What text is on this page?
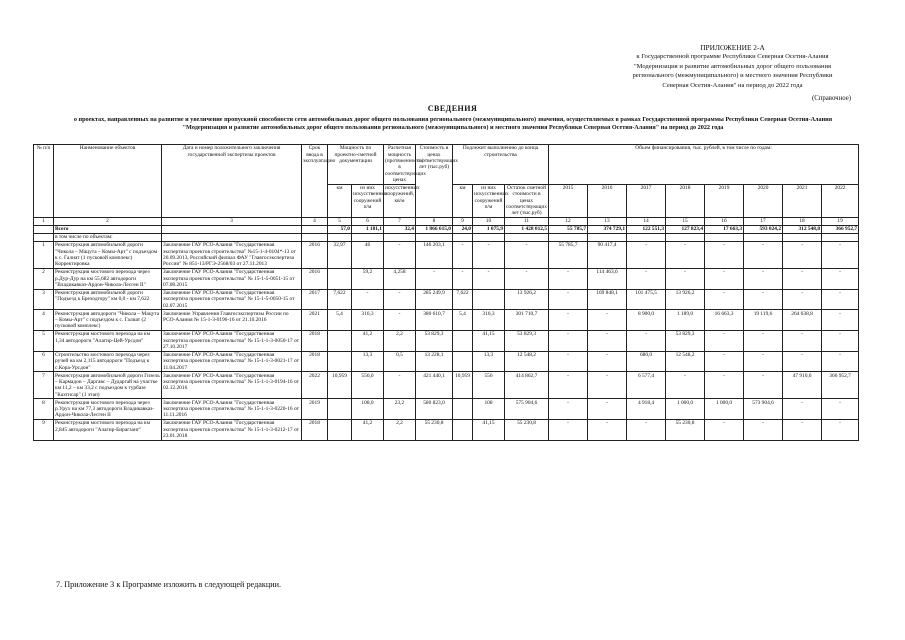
ПРИЛОЖЕНИЕ 2-А
к Государственной программе Республики Северная Осетия-Алания
"Модернизация и развитие автомобильных дорог общего пользования
регионального (межмуниципального) и местного значения Республики
Северная Осетия-Алания" на период до 2022 года
(Справочное)
СВЕДЕНИЯ
о проектах, направленных на развитие и увеличение пропускной способности сети автомобильных дорог общего пользования регионального (межмуниципального) значения, осуществляемых в рамках Государственной программы Республики Северная Осетия-Алания "Модернизация и развитие автомобильных дорог общего пользования регионального (межмуниципального) и местного значения Республики Северная Осетия-Алания" на период до 2022 года
№ п/п	Наименование объектов	Дата и номер положительного заключения государственной экспертизы проектов	Срок ввода в эксплуатацию	Мощность по проектно-сметной документации		Расчетная мощность (протяженность) в соответствующих ценах	Стоимость в ценах соответствующих лет (тыс.руб)	Подлежит выполнению до конца строительства			Объем финансирования, тыс. рублей, в том числе по годам:							
				км	из них искусственных сооружений п/м	искусственных сооружений, кв/м		км	из них искусственных сооружений п/м	Остаток сметной стоимости в ценах соответствующих лет (тыс.руб)	2015	2016	2017	2018	2019	2020	2021	2022
1	2	3	4	5	6	7	8	9	10	11	12	13	14	15	16	17	18	19
	Всего			57,0	1 181,1	32,4	1 866 615,0	24,0	1 075,9	1 428 012,5	55 785,7	374 729,1	122 551,3	127 823,4	17 663,3	593 024,2	312 548,8	366 952,7
	в том числе по объектам:																	
1	Реконструкция автомобильной дороги "Чикола – Мацута – Комы-Арт" с подъездом к с. Галиат (1 пусковой комплекс) Корректировка	Заключение ГАУ РСО-Алания "Государственная экспертиза проектов строительства" №15-1-4-0104*-13 от 20.09.2013, Российский филиал ФАУ "Главгосэкспертиза России" № 851-13/РГЭ-2568/03 от 27.11.2013	2016	32,97	46	-	146 203,1	-	-	-	55 785,7	90 417,4	-	-	-	-	-	-
2	Реконструкция мостового перехода через р.Дур-Дур на км 55,682 автодороги "Владикавказ-Ардон-Чикола-Лесген II"	Заключение ГАУ РСО-Алания "Государственная экспертиза проектов строительства" № 15-1-5-0051-15 от 07.08.2015	2016		59,2	4,258	-	-	-	-	-	114 463,6	-	-	-	-	-	-
3	Реконструкция автомобильной дороги "Подъезд к Бреходгору" км 0,0 - км 7,622	Заключение ГАУ РСО-Алания "Государственная экспертиза проектов строительства" № 15-1-5-0050-15 от 02.07.2015	2017	7,622	-	-	285 249,9	7,622		13 926,2	-	169 848,1	101 475,5	13 926,2	-	-	-	-
4	Реконструкция автодороги "Чикола – Мацута – Комы-Арт" с подъездом к с. Галиат (2 пусковой комплекс)	Заключение Управления Главгосэкспертизы России по РСО-Алания № 15-1-3-0196-16 от 21.10.2016	2021	5,4	316,3	-	380 610,7	5,4	316,3	301 710,7	-	-	8 900,0	1 189,0	16 663,3	19 119,6	264 638,8	-
5	Реконструкция мостового перехода на км 1,34 автодороги "Алагир-Цей-Урсдон"	Заключение ГАУ РСО-Алания "Государственная экспертиза проектов строительства" № 15-1-1-3-0050-17 от 27.10.2017	2018		41,2	2,2	53 829,3		41,15	53 829,3	-	-	-	53 829,3	-	-	-	-
6	Строительство мостового перехода через ручей на км 2,115 автодороги "Подъезд к с.Кора-Урсдон"	Заключение ГАУ РСО-Алания "Государственная экспертиза проектов строительства" № 15-1-1-3-0021-17 от 11.04.2017	2018		13,3	0,5	13 228,1		13,3	12 548,2	-	-	680,0	12 548,2	-	-	-	-
7	Реконструкция автомобильной дороги Гизель – Кармадон – Даргавс – Дударгай на участке км 11,2 – км 33,2 с подъездом к турбазе "Кахтисар" (1 этап)	Заключение ГАУ РСО-Алания "Государственная экспертиза проектов строительства" № 15-1-1-3-0194-16 от 02.12.2016	2022	10,959	556,0	-	421 440,1	10,959	556	414 862,7	-	-	6 577,4	-	-	-	47 910,0	366 952,7
8	Реконструкция мостового перехода через р.Урух на км 77,3 автодороги Владикавказ-Ардон-Чикола-Лесген II	Заключение ГАУ РСО-Алания "Государственная экспертиза проектов строительства" № 15-1-1-3-0220-16 от 11.11.2016	2019		108,0	23,2	580 823,0		108	575 904,6	-	-	4 918,4	1 000,0	1 000,0	573 904,6	-	-
9	Реконструкция мостового перехода на км 2,845 автодороги "Алагир-Бирагзанг"	Заключение ГАУ РСО-Алания "Государственная экспертиза проектов строительства" № 15-1-1-3-0212-17 от 23.01.2018	2018		41,2	2,2	55 230,8		41,15	55 230,8	-	-	-	55 230,8	-	-	-	-
7. Приложение 3 к Программе изложить в следующей редакции.
